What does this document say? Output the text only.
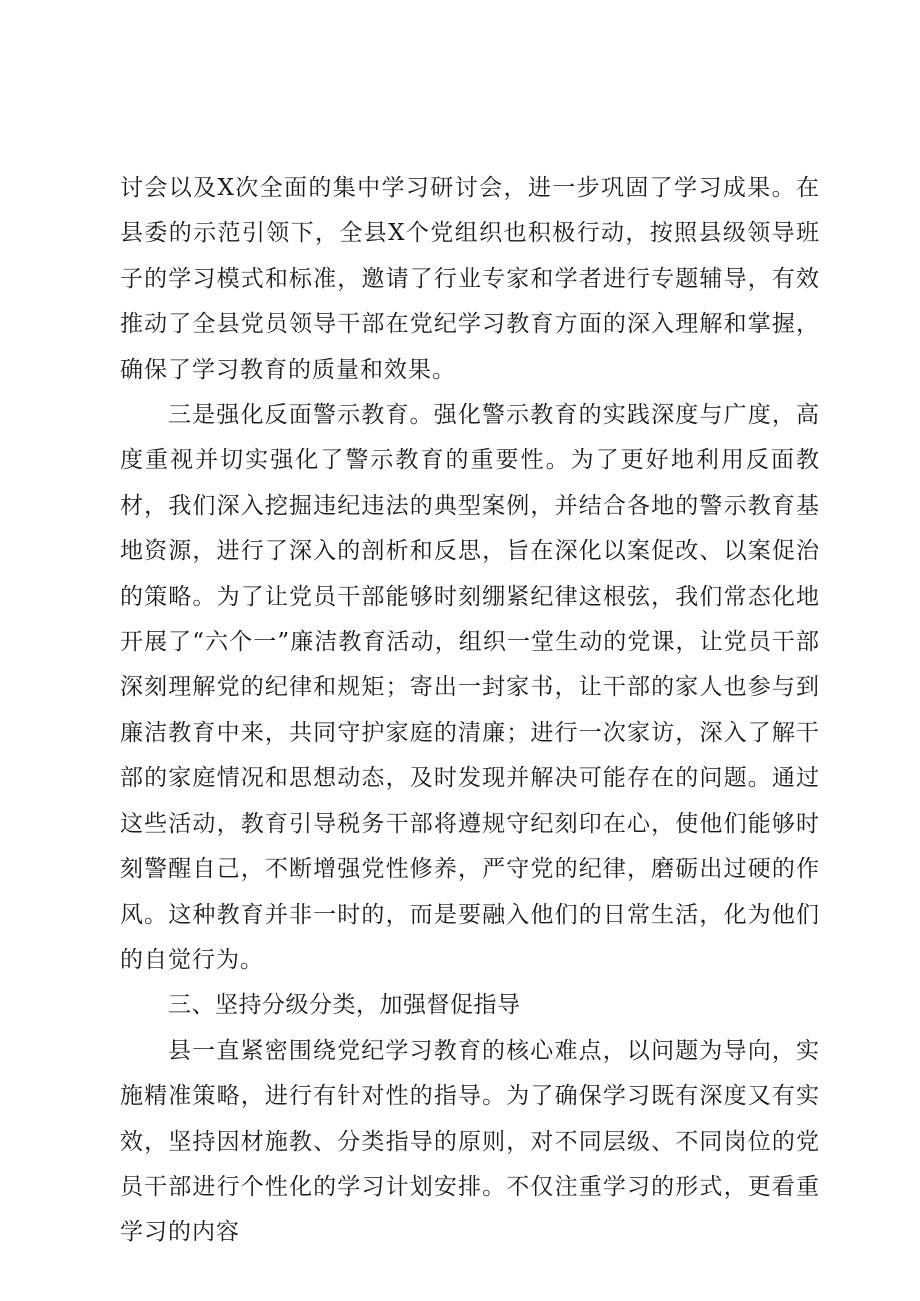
讨会以及X次全面的集中学习研讨会，进一步巩固了学习成果。在县委的示范引领下，全县X个党组织也积极行动，按照县级领导班子的学习模式和标准，邀请了行业专家和学者进行专题辅导，有效推动了全县党员领导干部在党纪学习教育方面的深入理解和掌握，确保了学习教育的质量和效果。

三是强化反面警示教育。强化警示教育的实践深度与广度，高度重视并切实强化了警示教育的重要性。为了更好地利用反面教材，我们深入挖掘违纪违法的典型案例，并结合各地的警示教育基地资源，进行了深入的剖析和反思，旨在深化以案促改、以案促治的策略。为了让党员干部能够时刻绷紧纪律这根弦，我们常态化地开展了“六个一”廉洁教育活动，组织一堂生动的党课，让党员干部深刻理解党的纪律和规矩；寄出一封家书，让干部的家人也参与到廉洁教育中来，共同守护家庭的清廉；进行一次家访，深入了解干部的家庭情况和思想动态，及时发现并解决可能存在的问题。通过这些活动，教育引导税务干部将遵规守纪刻印在心，使他们能够时刻警醒自己，不断增强党性修养，严守党的纪律，磨砺出过硬的作风。这种教育并非一时的，而是要融入他们的日常生活，化为他们的自觉行为。

三、坚持分级分类，加强督促指导

县一直紧密围绕党纪学习教育的核心难点，以问题为导向，实施精准策略，进行有针对性的指导。为了确保学习既有深度又有实效，坚持因材施教、分类指导的原则，对不同层级、不同岗位的党员干部进行个性化的学习计划安排。不仅注重学习的形式，更看重学习的内容
